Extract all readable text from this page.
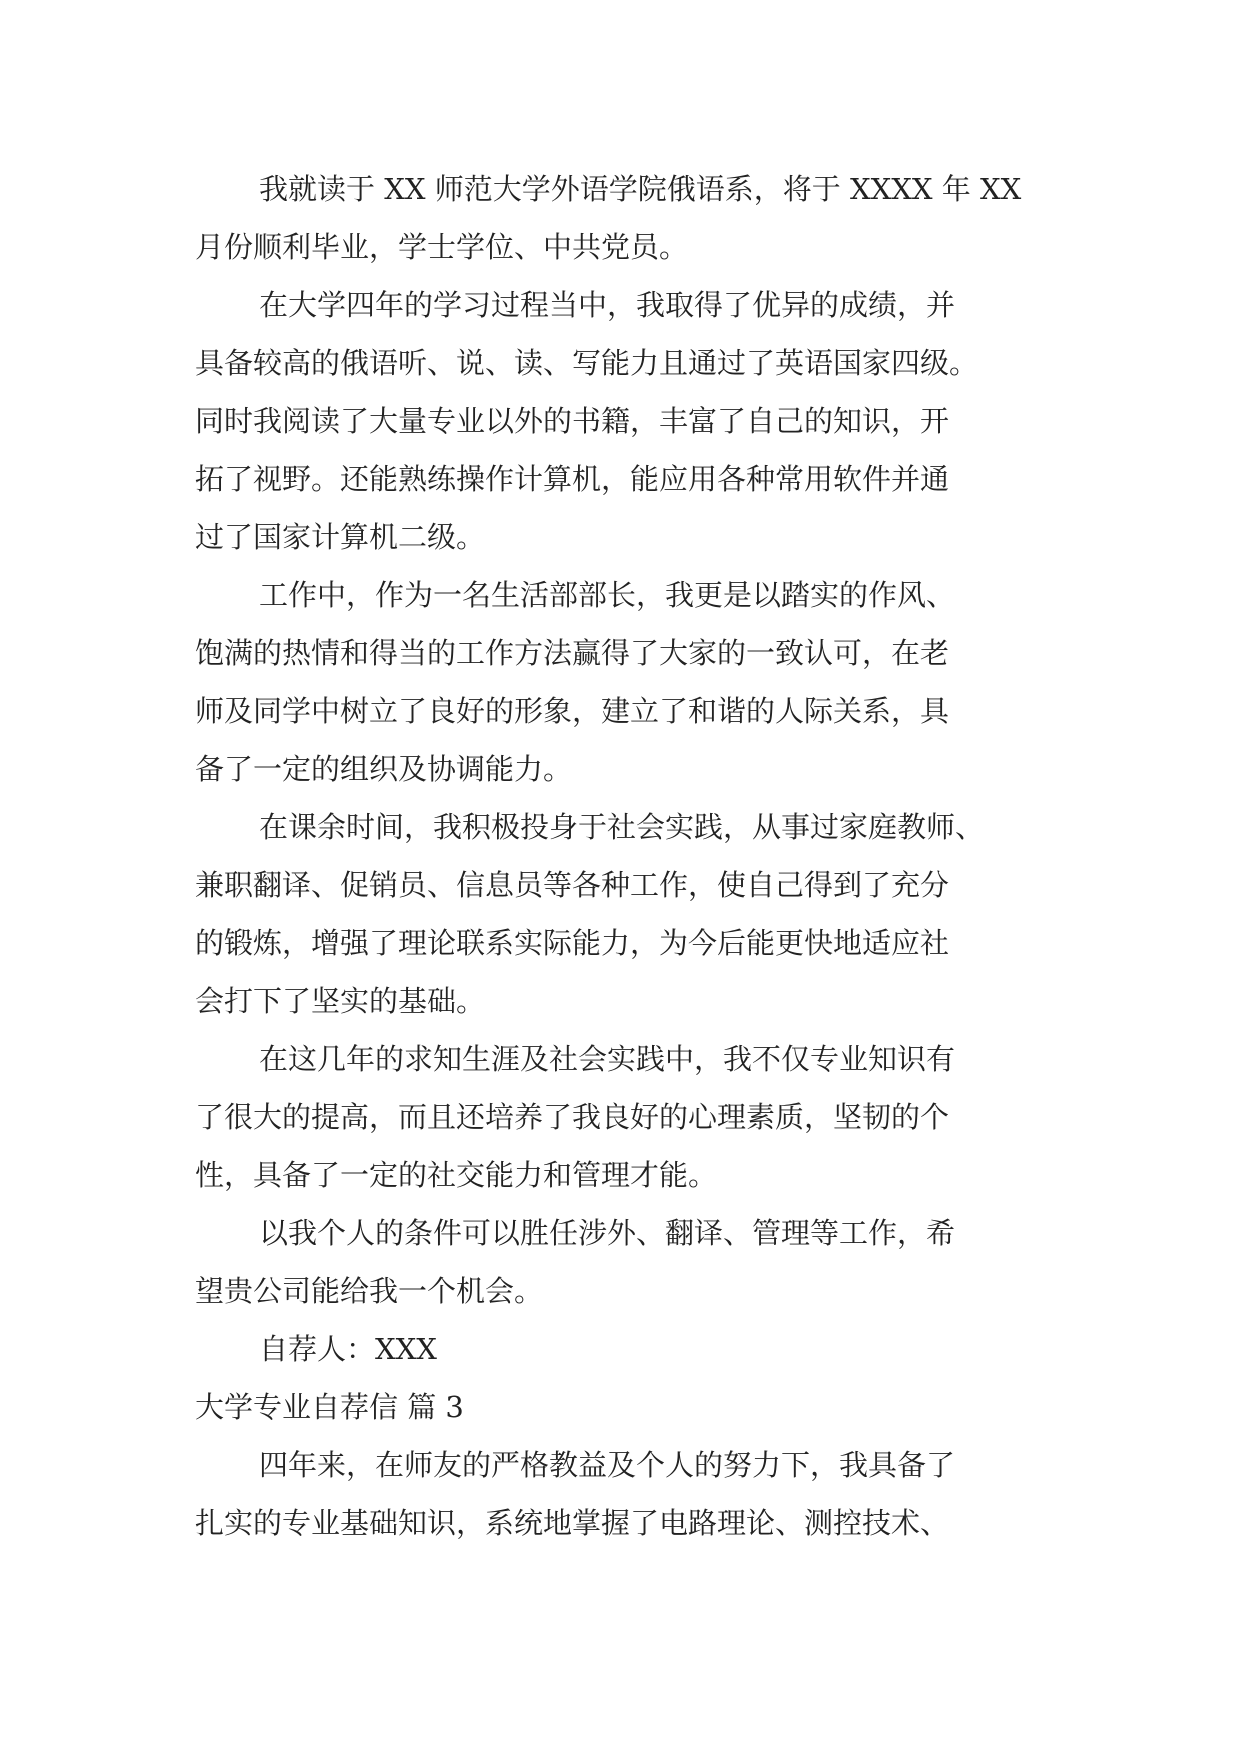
我就读于 XX 师范大学外语学院俄语系，将于 XXXX 年 XX
月份顺利毕业，学士学位、中共党员。
在大学四年的学习过程当中，我取得了优异的成绩，并
具备较高的俄语听、说、读、写能力且通过了英语国家四级。
同时我阅读了大量专业以外的书籍，丰富了自己的知识，开
拓了视野。还能熟练操作计算机，能应用各种常用软件并通
过了国家计算机二级。
工作中，作为一名生活部部长，我更是以踏实的作风、
饱满的热情和得当的工作方法赢得了大家的一致认可，在老
师及同学中树立了良好的形象，建立了和谐的人际关系，具
备了一定的组织及协调能力。
在课余时间，我积极投身于社会实践，从事过家庭教师、
兼职翻译、促销员、信息员等各种工作，使自己得到了充分
的锻炼，增强了理论联系实际能力，为今后能更快地适应社
会打下了坚实的基础。
在这几年的求知生涯及社会实践中，我不仅专业知识有
了很大的提高，而且还培养了我良好的心理素质，坚韧的个
性，具备了一定的社交能力和管理才能。
以我个人的条件可以胜任涉外、翻译、管理等工作，希
望贵公司能给我一个机会。
自荐人：XXX
大学专业自荐信 篇 3
四年来，在师友的严格教益及个人的努力下，我具备了
扎实的专业基础知识，系统地掌握了电路理论、测控技术、
